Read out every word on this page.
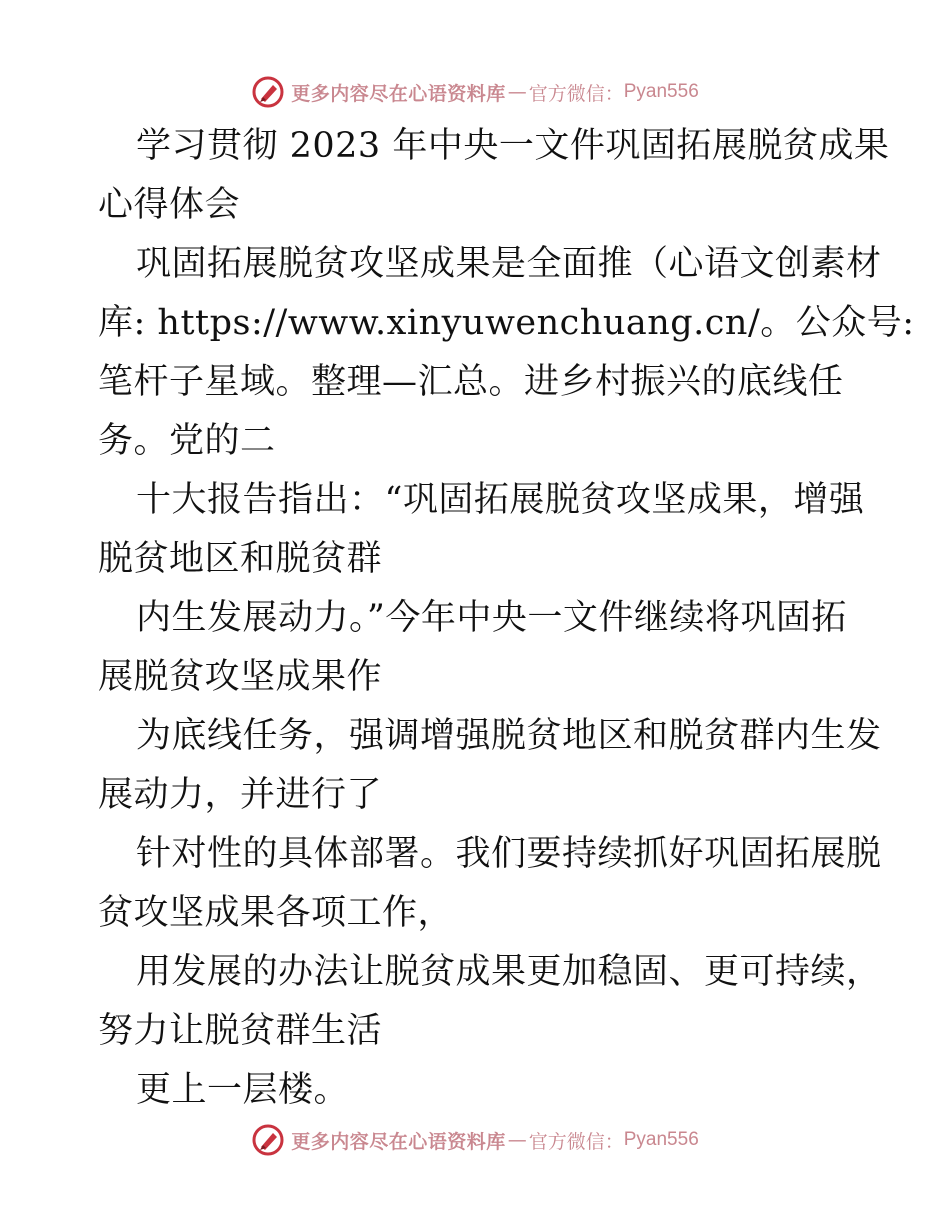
更多内容尽在心语资料库 — 官方微信： Pyan556

学习贯彻 2023 年中央一文件巩固拓展脱贫成果
心得体会

巩固拓展脱贫攻坚成果是全面推（心语文创素材
库: https://www.xinyuwenchuang.cn/。公众号:
笔杆子星域。整理—汇总。进乡村振兴的底线任
务。党的二

十大报告指出：“巩固拓展脱贫攻坚成果，增强
脱贫地区和脱贫群

内生发展动力。”今年中央一文件继续将巩固拓
展脱贫攻坚成果作

为底线任务，强调增强脱贫地区和脱贫群内生发
展动力，并进行了

针对性的具体部署。我们要持续抓好巩固拓展脱
贫攻坚成果各项工作，

用发展的办法让脱贫成果更加稳固、更可持续，
努力让脱贫群生活

更上一层楼。

更多内容尽在心语资料库 — 官方微信： Pyan556
